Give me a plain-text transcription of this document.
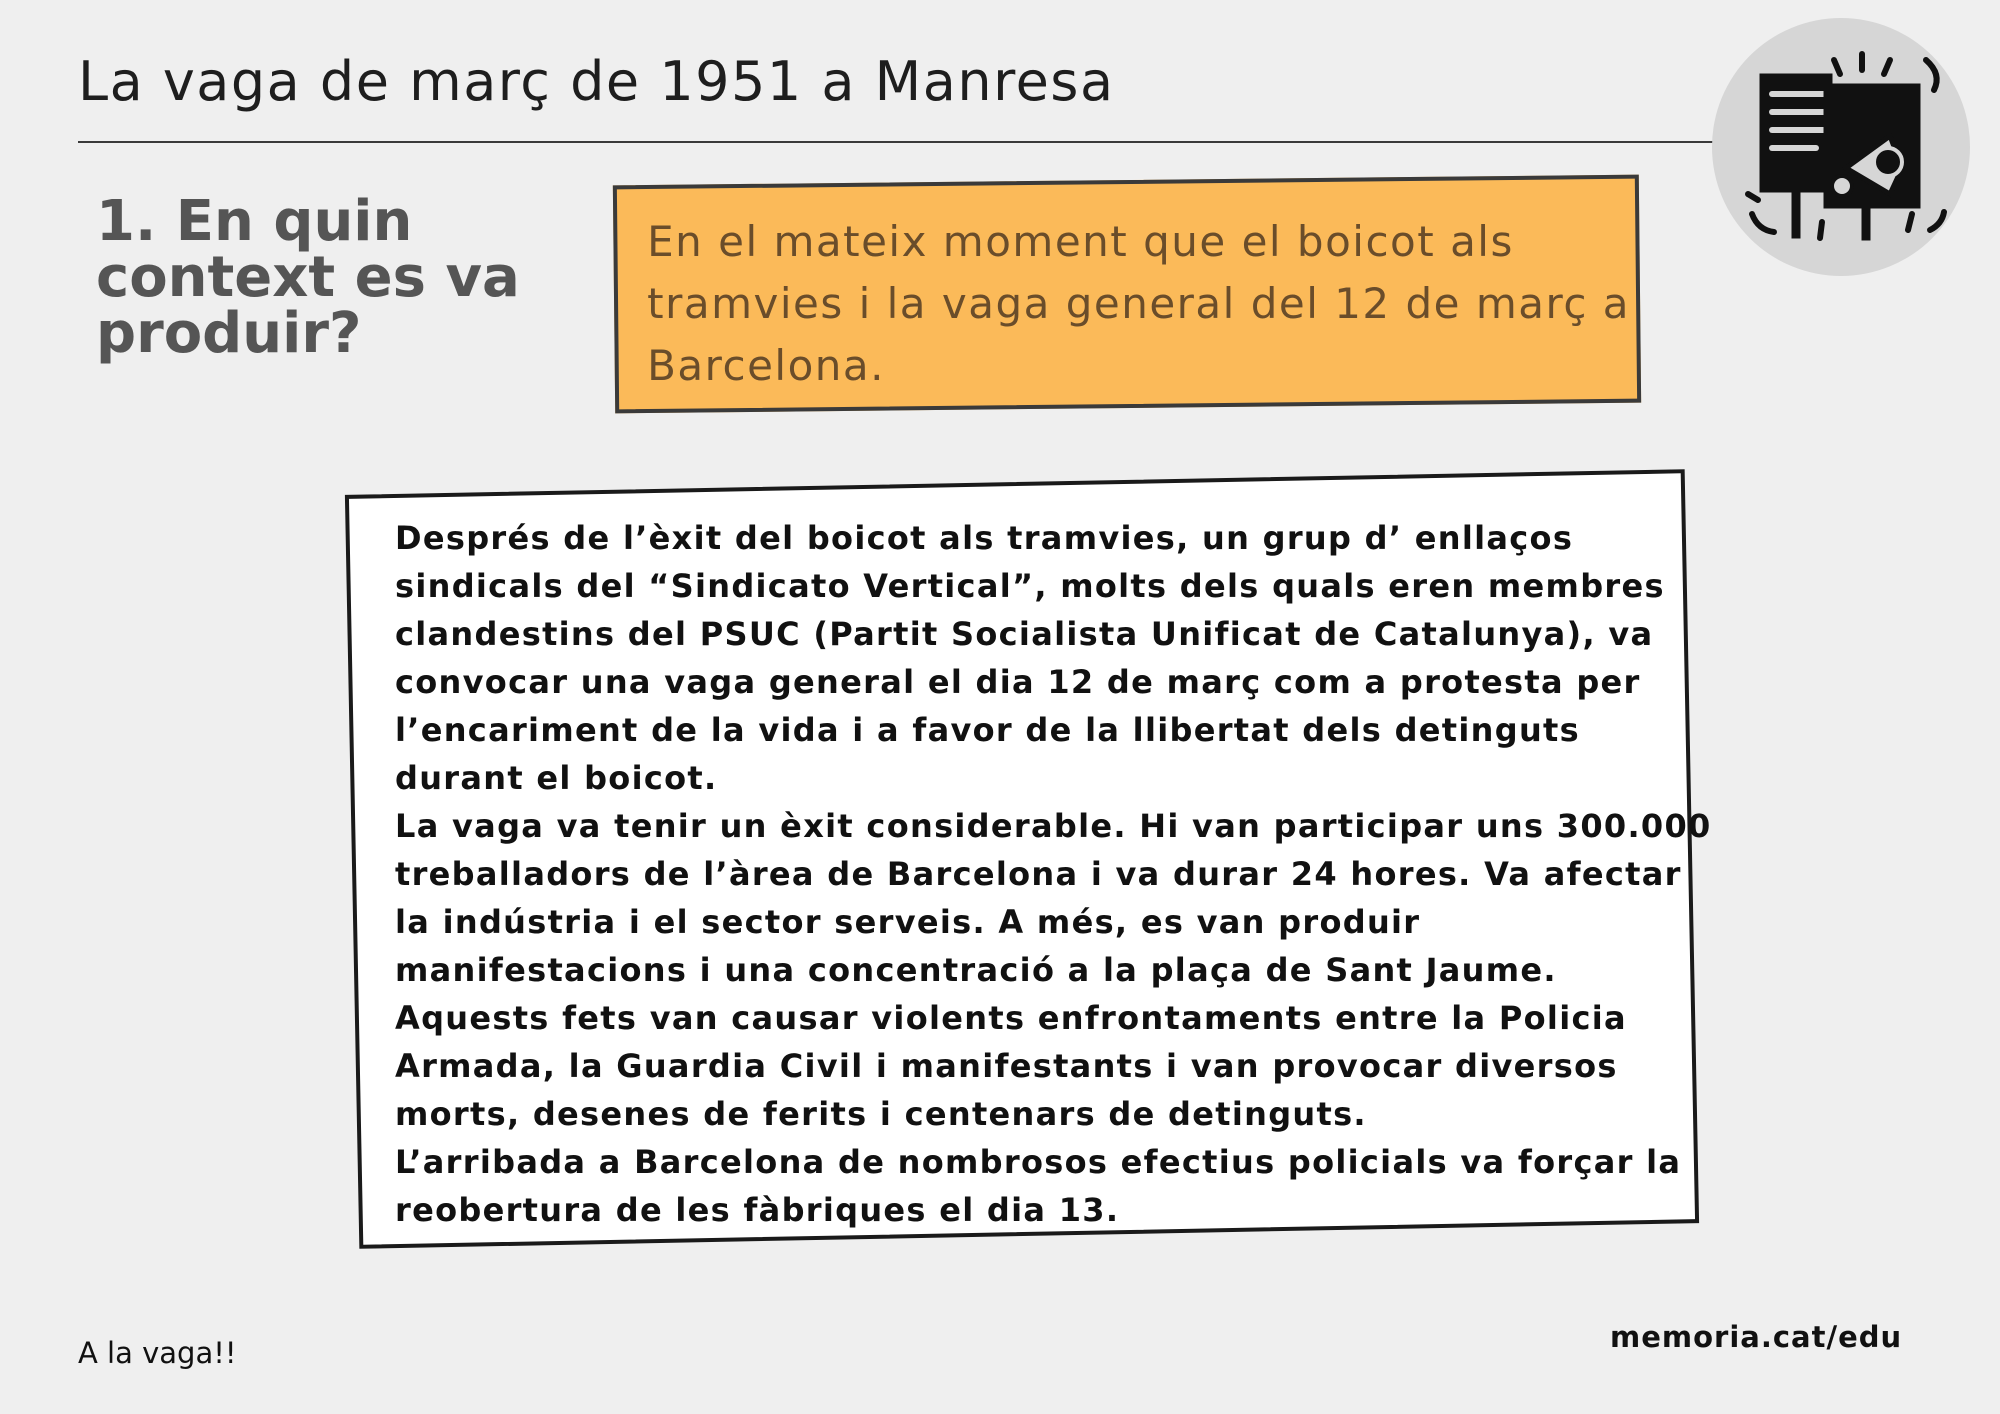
La vaga de març de 1951 a Manresa
1. En quin context es va produir?
En el mateix moment que el boicot als
tramvies i la vaga general del 12 de març a
Barcelona.
Després de l’èxit del boicot als tramvies, un grup d’ enllaços
sindicals del “Sindicato Vertical”, molts dels quals eren membres
clandestins del PSUC (Partit Socialista Unificat de Catalunya), va
convocar una vaga general el dia 12 de març com a protesta per
l’encariment de la vida i a favor de la llibertat dels detinguts
durant el boicot.
La vaga va tenir un èxit considerable. Hi van participar uns 300.000
treballadors de l’àrea de Barcelona i va durar 24 hores. Va afectar
la indústria i el sector serveis. A més, es van produir
manifestacions i una concentració a la plaça de Sant Jaume.
Aquests fets van causar violents enfrontaments entre la Policia
Armada, la Guardia Civil i manifestants i van provocar diversos
morts, desenes de ferits i centenars de detinguts.
L’arribada a Barcelona de nombrosos efectius policials va forçar la
reobertura de les fàbriques el dia 13.
A la vaga!!	memoria.cat/edu
